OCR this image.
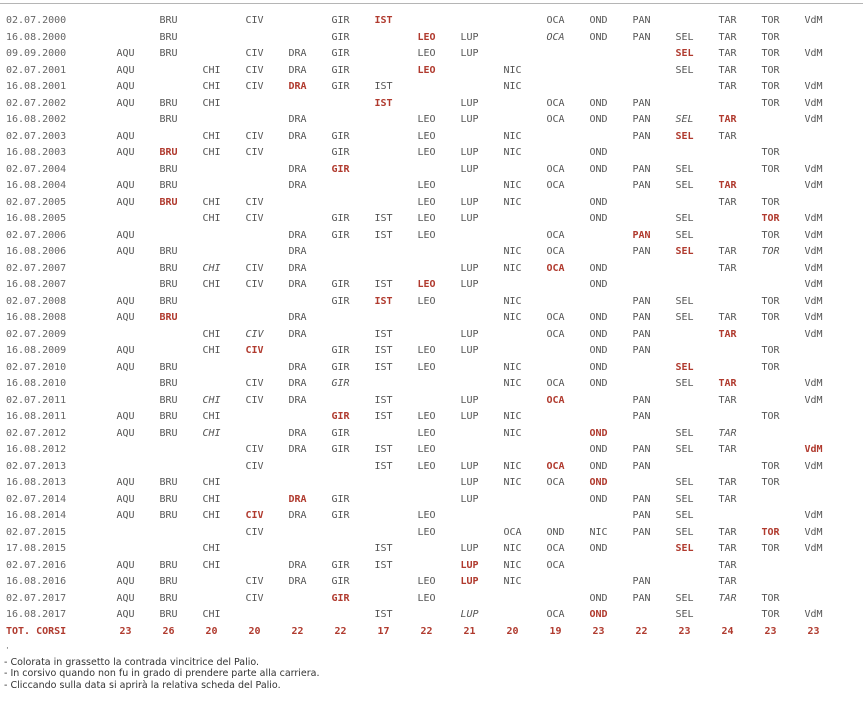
02.07.2000		BRU		CIV		GIR	IST				OCA	OND	PAN		TAR	TOR	VdM
16.08.2000		BRU				GIR		LEO	LUP		OCA	OND	PAN	SEL	TAR	TOR	
09.09.2000	AQU	BRU		CIV	DRA	GIR		LEO	LUP					SEL	TAR	TOR	VdM
02.07.2001	AQU		CHI	CIV	DRA	GIR		LEO		NIC				SEL	TAR	TOR	
16.08.2001	AQU		CHI	CIV	DRA	GIR	IST			NIC					TAR	TOR	VdM
02.07.2002	AQU	BRU	CHI				IST		LUP		OCA	OND	PAN			TOR	VdM
16.08.2002		BRU			DRA			LEO	LUP		OCA	OND	PAN	SEL	TAR		VdM
02.07.2003	AQU		CHI	CIV	DRA	GIR		LEO		NIC			PAN	SEL	TAR		
16.08.2003	AQU	BRU	CHI	CIV		GIR		LEO	LUP	NIC		OND				TOR	
02.07.2004		BRU			DRA	GIR			LUP		OCA	OND	PAN	SEL		TOR	VdM
16.08.2004	AQU	BRU			DRA			LEO		NIC	OCA		PAN	SEL	TAR		VdM
02.07.2005	AQU	BRU	CHI	CIV				LEO	LUP	NIC		OND			TAR	TOR	
16.08.2005			CHI	CIV		GIR	IST	LEO	LUP			OND		SEL		TOR	VdM
02.07.2006	AQU				DRA	GIR	IST	LEO			OCA		PAN	SEL		TOR	VdM
16.08.2006	AQU	BRU			DRA					NIC	OCA		PAN	SEL	TAR	TOR	VdM
02.07.2007		BRU	CHI	CIV	DRA				LUP	NIC	OCA	OND			TAR		VdM
16.08.2007		BRU	CHI	CIV	DRA	GIR	IST	LEO	LUP			OND					VdM
02.07.2008	AQU	BRU				GIR	IST	LEO		NIC			PAN	SEL		TOR	VdM
16.08.2008	AQU	BRU			DRA					NIC	OCA	OND	PAN	SEL	TAR	TOR	VdM
02.07.2009			CHI	CIV	DRA		IST		LUP		OCA	OND	PAN		TAR		VdM
16.08.2009	AQU		CHI	CIV		GIR	IST	LEO	LUP			OND	PAN			TOR	
02.07.2010	AQU	BRU			DRA	GIR	IST	LEO		NIC		OND		SEL		TOR	
16.08.2010		BRU		CIV	DRA	GIR				NIC	OCA	OND		SEL	TAR		VdM
02.07.2011		BRU	CHI	CIV	DRA		IST		LUP		OCA		PAN		TAR		VdM
16.08.2011	AQU	BRU	CHI			GIR	IST	LEO	LUP	NIC			PAN			TOR	
02.07.2012	AQU	BRU	CHI		DRA	GIR		LEO		NIC		OND		SEL	TAR		
16.08.2012				CIV	DRA	GIR	IST	LEO				OND	PAN	SEL	TAR		VdM
02.07.2013				CIV			IST	LEO	LUP	NIC	OCA	OND	PAN			TOR	VdM
16.08.2013	AQU	BRU	CHI						LUP	NIC	OCA	OND		SEL	TAR	TOR	
02.07.2014	AQU	BRU	CHI		DRA	GIR			LUP			OND	PAN	SEL	TAR		
16.08.2014	AQU	BRU	CHI	CIV	DRA	GIR		LEO					PAN	SEL			VdM
02.07.2015				CIV				LEO		OCA	OND	NIC	PAN	SEL	TAR	TOR	VdM
17.08.2015			CHI				IST		LUP	NIC	OCA	OND		SEL	TAR	TOR	VdM
02.07.2016	AQU	BRU	CHI		DRA	GIR	IST		LUP	NIC	OCA				TAR		
16.08.2016	AQU	BRU		CIV	DRA	GIR		LEO	LUP	NIC			PAN		TAR		
02.07.2017	AQU	BRU		CIV		GIR		LEO				OND	PAN	SEL	TAR	TOR	
16.08.2017	AQU	BRU	CHI				IST		LUP		OCA	OND		SEL		TOR	VdM
TOT. CORSI	23	26	20	20	22	22	17	22	21	20	19	23	22	23	24	23	23
·
- Colorata in grassetto la contrada vincitrice del Palio.
- In corsivo quando non fu in grado di prendere parte alla carriera.
- Cliccando sulla data si aprirà la relativa scheda del Palio.
